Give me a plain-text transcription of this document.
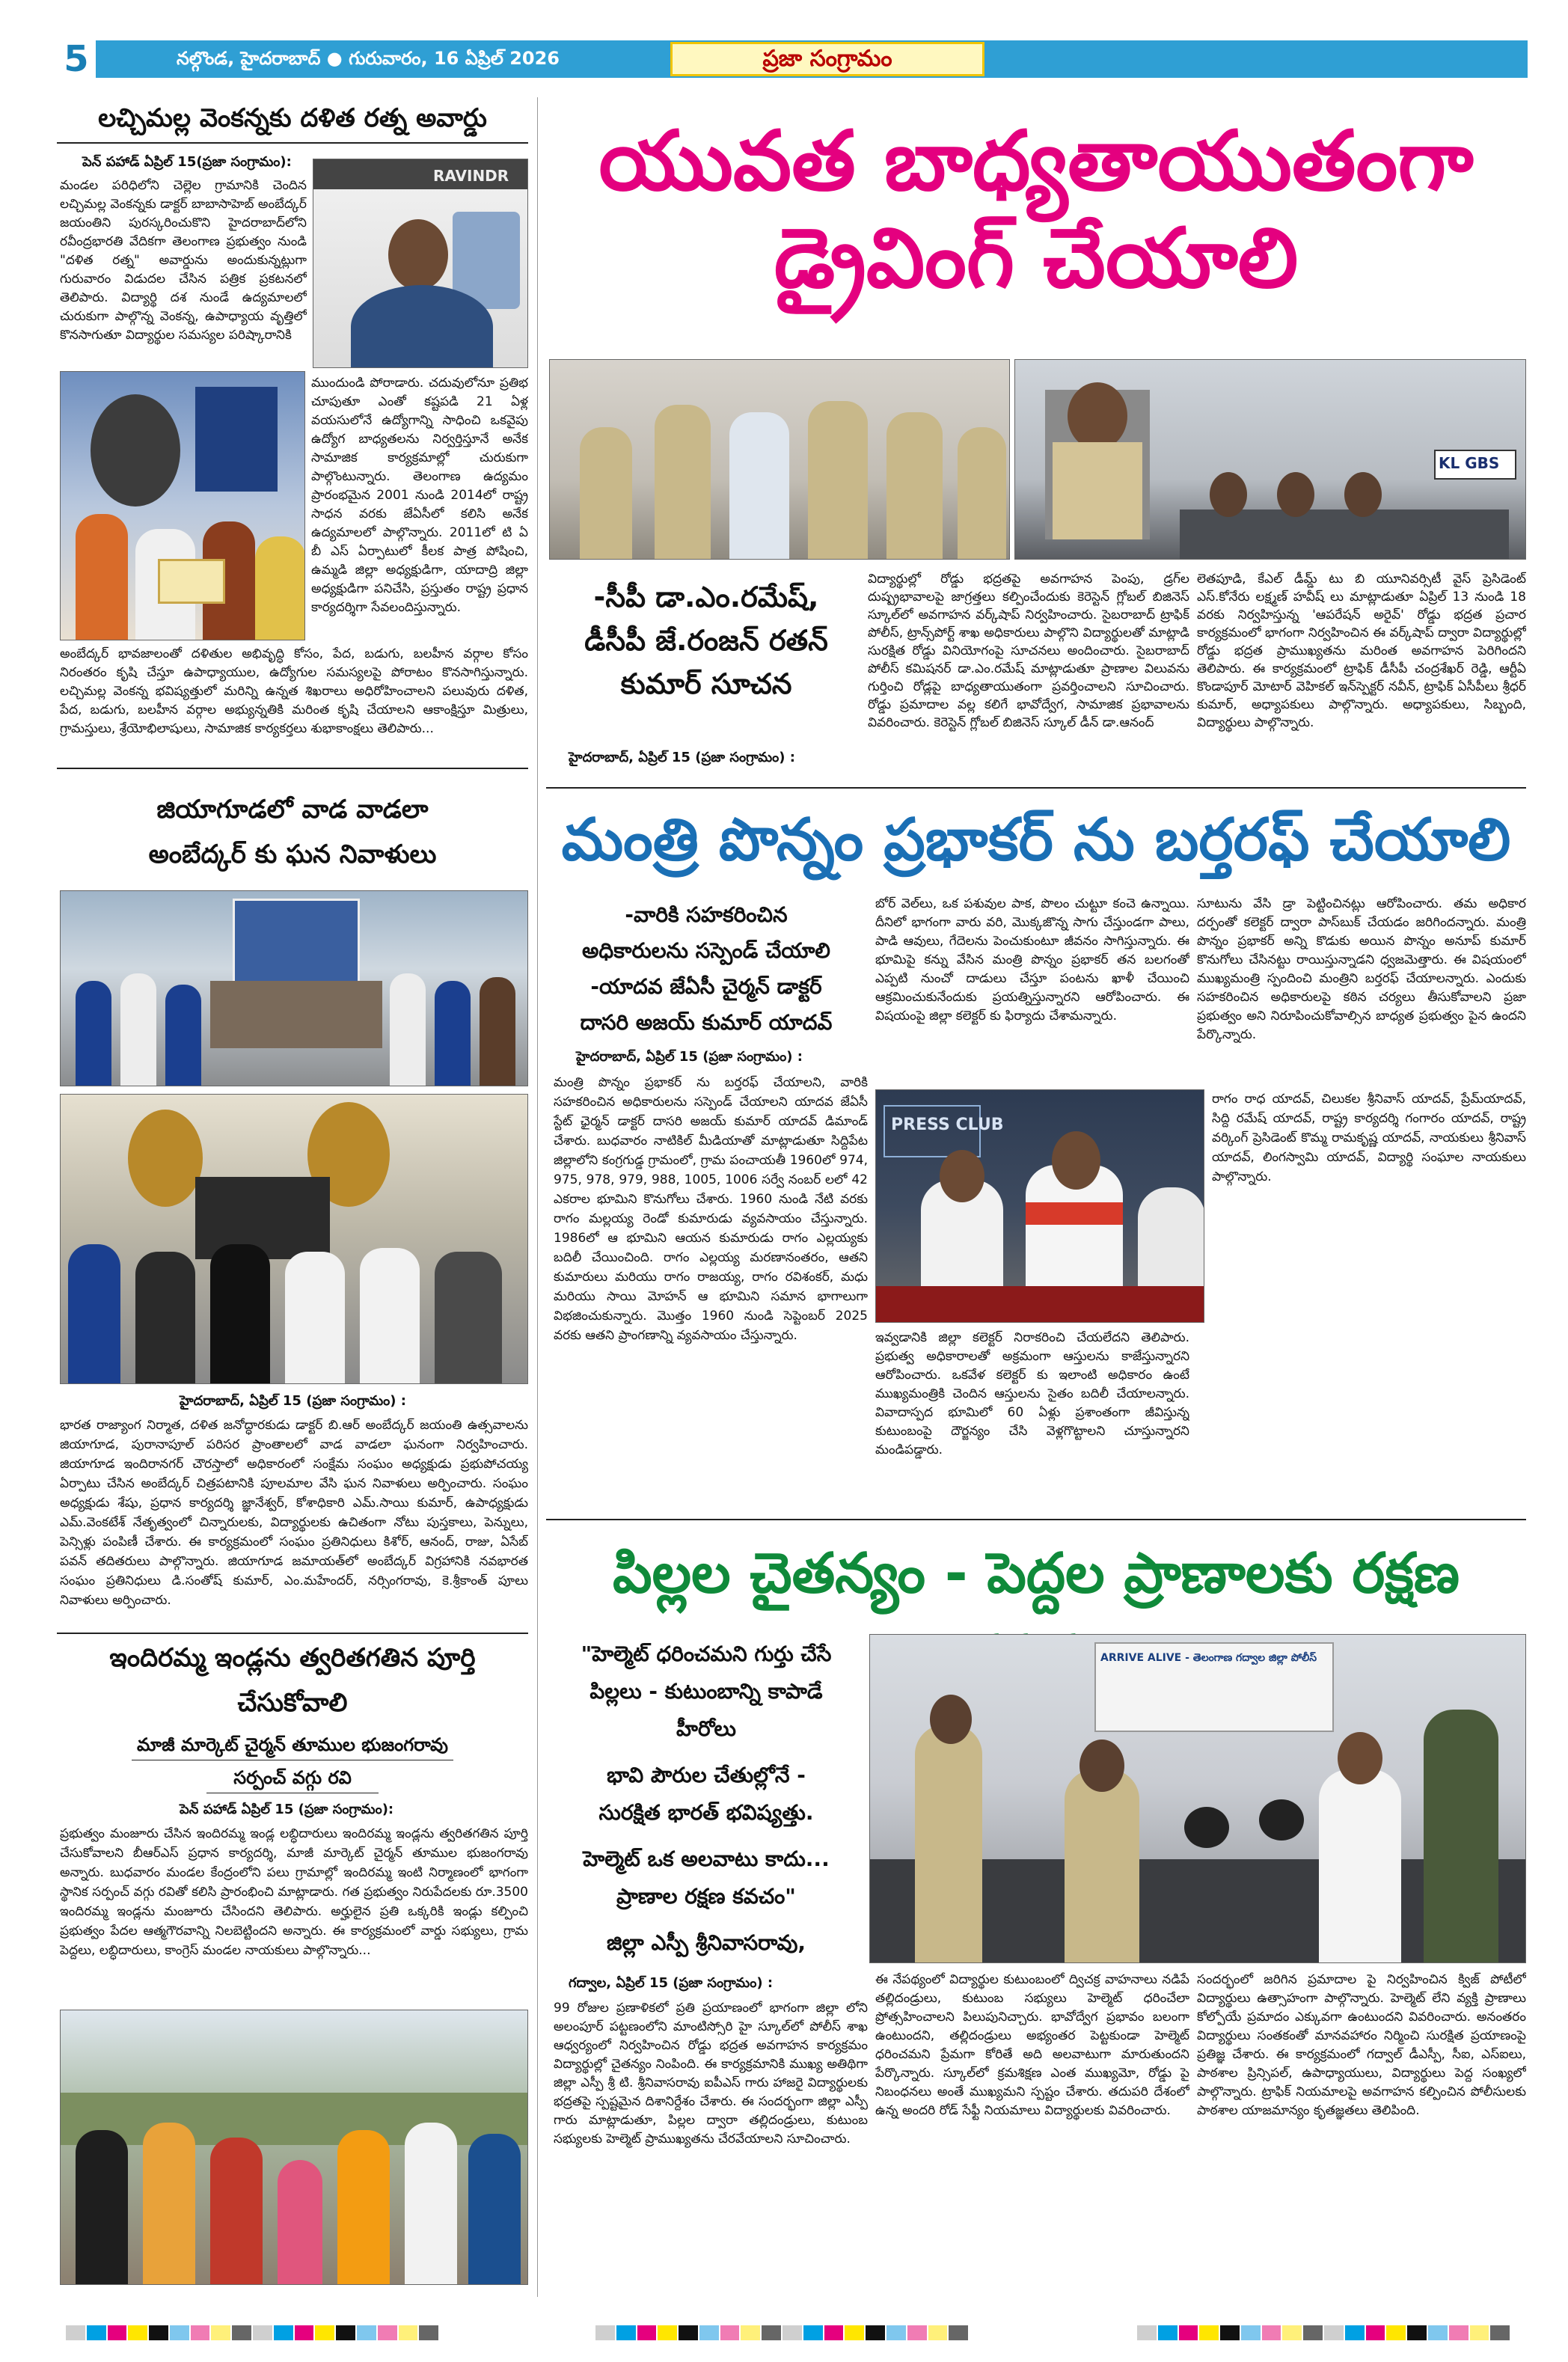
5	నల్గొండ, హైదరాబాద్ ● గురువారం, 16 ఏప్రిల్ 2026	ప్రజా సంగ్రామం
లచ్చిమల్ల వెంకన్నకు దళిత రత్న అవార్డు
పెన్ పహాడ్ ఏప్రిల్ 15(ప్రజా సంగ్రామం):
మండల పరిధిలోని చెల్లెల గ్రామానికి చెందిన లచ్చిమల్ల వెంకన్నకు డాక్టర్ బాబాసాహెబ్ అంబేద్కర్ జయంతిని పురస్కరించుకొని హైదరాబాద్‌లోని రవీంద్రభారతి వేదికగా తెలంగాణ ప్రభుత్వం నుండి "దళిత రత్న" అవార్డును అందుకున్నట్లుగా గురువారం విడుదల చేసిన పత్రిక ప్రకటనలో తెలిపారు. విద్యార్థి దశ నుండే ఉద్యమాలలో చురుకుగా పాల్గొన్న వెంకన్న, ఉపాధ్యాయ వృత్తిలో కొనసాగుతూ విద్యార్థుల సమస్యల పరిష్కారానికి
RAVINDR
ముందుండి పోరాడారు. చదువులోనూ ప్రతిభ చూపుతూ ఎంతో కష్టపడి 21 ఏళ్ల వయసులోనే ఉద్యోగాన్ని సాధించి ఒకవైపు ఉద్యోగ బాధ్యతలను నిర్వర్తిస్తూనే అనేక సామాజిక కార్యక్రమాల్లో చురుకుగా పాల్గొంటున్నారు. తెలంగాణ ఉద్యమం ప్రారంభమైన 2001 నుండి 2014లో రాష్ట్ర సాధన వరకు జేఏసీలో కలిసి అనేక ఉద్యమాలలో పాల్గొన్నారు. 2011లో టి ఏ బీ ఎస్ ఏర్పాటులో కీలక పాత్ర పోషించి, ఉమ్మడి జిల్లా అధ్యక్షుడిగా, యాదాద్రి జిల్లా అధ్యక్షుడిగా పనిచేసి, ప్రస్తుతం రాష్ట్ర ప్రధాన కార్యదర్శిగా సేవలందిస్తున్నారు.
అంబేద్కర్ భావజాలంతో దళితుల అభివృద్ధి కోసం, పేద, బడుగు, బలహీన వర్గాల కోసం నిరంతరం కృషి చేస్తూ ఉపాధ్యాయుల, ఉద్యోగుల సమస్యలపై పోరాటం కొనసాగిస్తున్నారు. లచ్చిమల్ల వెంకన్న భవిష్యత్తులో మరిన్ని ఉన్నత శిఖరాలు అధిరోహించాలని పలువురు దళిత, పేద, బడుగు, బలహీన వర్గాల అభ్యున్నతికి మరింత కృషి చేయాలని ఆకాంక్షిస్తూ మిత్రులు, గ్రామస్తులు, శ్రేయోభిలాషులు, సామాజిక కార్యకర్తలు శుభాకాంక్షలు తెలిపారు...
జియాగూడలో వాడ వాడలా
అంబేద్కర్ కు ఘన నివాళులు
హైదరాబాద్, ఏప్రిల్ 15 (ప్రజా సంగ్రామం) :
భారత రాజ్యాంగ నిర్మాత, దళిత జనోద్ధారకుడు డాక్టర్ బి.ఆర్ అంబేద్కర్ జయంతి ఉత్సవాలను జియాగూడ, పురానాపూల్ పరిసర ప్రాంతాలలో వాడ వాడలా ఘనంగా నిర్వహించారు. జియాగూడ ఇందిరానగర్ చౌరస్తాలో అధికారంలో సంక్షేమ సంఘం అధ్యక్షుడు ప్రభుపోచయ్య ఏర్పాటు చేసిన అంబేద్కర్ చిత్రపటానికి పూలమాల వేసి ఘన నివాళులు అర్పించారు. సంఘం అధ్యక్షుడు శేషు, ప్రధాన కార్యదర్శి జ్ఞానేశ్వర్, కోశాధికారి ఎమ్.సాయి కుమార్, ఉపాధ్యక్షుడు ఎమ్.వెంకటేశ్ నేతృత్వంలో చిన్నారులకు, విద్యార్థులకు ఉచితంగా నోటు పుస్తకాలు, పెన్నులు, పెన్సిళ్లు పంపిణీ చేశారు. ఈ కార్యక్రమంలో సంఘం ప్రతినిధులు కిశోర్, ఆనంద్, రాజు, ఏసేబ్ పవన్ తదితరులు పాల్గొన్నారు. జియాగూడ జమాయత్‌లో అంబేద్కర్ విగ్రహానికి నవభారత సంఘం ప్రతినిధులు డి.సంతోష్ కుమార్, ఎం.మహేందర్, నర్సింగరావు, కె.శ్రీకాంత్ పూలు నివాళులు అర్పించారు.
ఇందిరమ్మ ఇండ్లను త్వరితగతిన పూర్తి
చేసుకోవాలి
మాజీ మార్కెట్ చైర్మన్ తూముల భుజంగరావు
సర్పంచ్ వగ్గు రవి
పెన్ పహాడ్ ఏప్రిల్ 15 (ప్రజా సంగ్రామం):
ప్రభుత్వం మంజూరు చేసిన ఇందిరమ్మ ఇండ్ల లబ్ధిదారులు ఇందిరమ్మ ఇండ్లను త్వరితగతిన పూర్తి చేసుకోవాలని బీఆర్ఎస్ ప్రధాన కార్యదర్శి, మాజీ మార్కెట్ చైర్మన్ తూముల భుజంగరావు అన్నారు. బుధవారం మండల కేంద్రంలోని పలు గ్రామాల్లో ఇందిరమ్మ ఇంటి నిర్మాణంలో భాగంగా స్థానిక సర్పంచ్ వగ్గు రవితో కలిసి ప్రారంభించి మాట్లాడారు. గత ప్రభుత్వం నిరుపేదలకు రూ.3500 ఇందిరమ్మ ఇండ్లను మంజూరు చేసిందని తెలిపారు. అర్హులైన ప్రతి ఒక్కరికి ఇండ్లు కల్పించి ప్రభుత్వం పేదల ఆత్మగౌరవాన్ని నిలబెట్టిందని అన్నారు. ఈ కార్యక్రమంలో వార్డు సభ్యులు, గ్రామ పెద్దలు, లబ్ధిదారులు, కాంగ్రెస్ మండల నాయకులు పాల్గొన్నారు...
యువత బాధ్యతాయుతంగా
డ్రైవింగ్ చేయాలి
KL GBS
-సీపీ డా.ఎం.రమేష్,
డీసీపీ జే.రంజన్ రతన్
కుమార్ సూచన
హైదరాబాద్, ఏప్రిల్ 15 (ప్రజా సంగ్రామం) :
విద్యార్థుల్లో రోడ్డు భద్రతపై అవగాహన పెంపు, డ్రగ్‌ల దుష్ప్రభావాలపై జాగ్రత్తలు కల్పించేందుకు కెరెస్టెన్ గ్లోబల్ బిజినెస్ స్కూల్‌లో అవగాహన వర్క్‌షాప్ నిర్వహించారు. సైబరాబాద్ ట్రాఫిక్ పోలీస్, ట్రాన్స్‌పోర్ట్ శాఖ అధికారులు పాల్గొని విద్యార్థులతో మాట్లాడి సురక్షిత రోడ్డు వినియోగంపై సూచనలు అందించారు. సైబరాబాద్ పోలీస్ కమిషనర్ డా.ఎం.రమేష్ మాట్లాడుతూ ప్రాణాల విలువను గుర్తించి రోడ్లపై బాధ్యతాయుతంగా ప్రవర్తించాలని సూచించారు. రోడ్డు ప్రమాదాల వల్ల కలిగే భావోద్వేగ, సామాజిక ప్రభావాలను వివరించారు. కెరెస్టెన్ గ్లోబల్ బిజినెస్ స్కూల్ డీన్ డా.ఆనంద్
లెతపూడి, కేఎల్ డీమ్డ్ టు బి యూనివర్సిటీ వైస్ ప్రెసిడెంట్ ఎస్.కోనేరు లక్ష్మణ్ హవీష్ లు మాట్లాడుతూ ఏప్రిల్ 13 నుండి 18 వరకు నిర్వహిస్తున్న 'ఆపరేషన్ అరైవ్' రోడ్డు భద్రత ప్రచార కార్యక్రమంలో భాగంగా నిర్వహించిన ఈ వర్క్‌షాప్ ద్వారా విద్యార్థుల్లో రోడ్డు భద్రత ప్రాముఖ్యతను మరింత అవగాహన పెరిగిందని తెలిపారు. ఈ కార్యక్రమంలో ట్రాఫిక్ డీసీపీ చంద్రశేఖర్ రెడ్డి, ఆర్టీఏ కొండాపూర్ మోటార్ వెహికల్ ఇన్‌స్పెక్టర్ నవీన్, ట్రాఫిక్ ఏసీపీలు శ్రీధర్ కుమార్, అధ్యాపకులు పాల్గొన్నారు. అధ్యాపకులు, సిబ్బంది, విద్యార్థులు పాల్గొన్నారు.
మంత్రి పొన్నం ప్రభాకర్ ను బర్తరఫ్ చేయాలి
-వారికి సహకరించిన
అధికారులను సస్పెండ్ చేయాలి
-యాదవ జేఏసీ చైర్మన్ డాక్టర్
దాసరి అజయ్ కుమార్ యాదవ్
హైదరాబాద్, ఏప్రిల్ 15 (ప్రజా సంగ్రామం) :
మంత్రి పొన్నం ప్రభాకర్ ను బర్తరఫ్ చేయాలని, వారికి సహకరించిన అధికారులను సస్పెండ్ చేయాలని యాదవ జేఏసీ స్టేట్ ఛైర్మన్ డాక్టర్ దాసరి అజయ్ కుమార్ యాదవ్ డిమాండ్ చేశారు. బుధవారం నాటికిల్ మీడియాతో మాట్లాడుతూ సిద్దిపేట జిల్లాలోని కంగ్రగుడ్డ గ్రామంలో, గ్రామ పంచాయతీ 1960లో 974, 975, 978, 979, 988, 1005, 1006 సర్వే నంబర్ లలో 42 ఎకరాల భూమిని కొనుగోలు చేశారు. 1960 నుండి నేటి వరకు రాగం మల్లయ్య రెండో కుమారుడు వ్యవసాయం చేస్తున్నారు. 1986లో ఆ భూమిని ఆయన కుమారుడు రాగం ఎల్లయ్యకు బదిలీ చేయించింది. రాగం ఎల్లయ్య మరణానంతరం, ఆతని కుమారులు మరియు రాగం రాజయ్య, రాగం రవిశంకర్, మధు మరియు సాయి మోహన్ ఆ భూమిని సమాన భాగాలుగా విభజించుకున్నారు. మొత్తం 1960 నుండి సెప్టెంబర్ 2025 వరకు ఆతని ప్రాంగణాన్ని వ్యవసాయం చేస్తున్నారు.
బోర్ వెల్‌లు, ఒక పశువుల పాక, పొలం చుట్టూ కంచె ఉన్నాయి. దీనిలో భాగంగా వారు వరి, మొక్కజొన్న సాగు చేస్తుండగా పాలు, పాడి ఆవులు, గేదెలను పెంచుకుంటూ జీవనం సాగిస్తున్నారు. ఈ భూమిపై కన్ను వేసిన మంత్రి పొన్నం ప్రభాకర్ తన బలగంతో ఎప్పటి నుంచో దాడులు చేస్తూ పంటను ఖాళీ చేయించి ఆక్రమించుకునేందుకు ప్రయత్నిస్తున్నారని ఆరోపించారు. ఈ విషయంపై జిల్లా కలెక్టర్ కు ఫిర్యాదు చేశామన్నారు.
సూటును వేసి డ్రా పెట్టించినట్లు ఆరోపించారు. తమ అధికార దర్పంతో కలెక్టర్ ద్వారా పాస్‌బుక్ చేయడం జరిగిందన్నారు. మంత్రి పొన్నం ప్రభాకర్ అన్ని కొడుకు అయిన పొన్నం అనూప్ కుమార్ కొనుగోలు చేసినట్టు రాయిస్తున్నాడని ధ్వజమెత్తారు. ఈ విషయంలో ముఖ్యమంత్రి స్పందించి మంత్రిని బర్తరఫ్ చేయాలన్నారు. ఎందుకు సహకరించిన అధికారులపై కఠిన చర్యలు తీసుకోవాలని ప్రజా ప్రభుత్వం అని నిరూపించుకోవాల్సిన బాధ్యత ప్రభుత్వం పైన ఉందని పేర్కొన్నారు.
PRESS CLUB
ఇవ్వడానికి జిల్లా కలెక్టర్ నిరాకరించి చేయలేదని తెలిపారు. ప్రభుత్వ అధికారాలతో అక్రమంగా ఆస్తులను కాజేస్తున్నారని ఆరోపించారు. ఒకవేళ కలెక్టర్ కు ఇలాంటి అధికారం ఉంటే ముఖ్యమంత్రికి చెందిన ఆస్తులను సైతం బదిలీ చేయాలన్నారు. వివాదాస్పద భూమిలో 60 ఏళ్లు ప్రశాంతంగా జీవిస్తున్న కుటుంబంపై దౌర్జన్యం చేసి వెళ్లగొట్టాలని చూస్తున్నారని మండిపడ్డారు.
రాగం రాధ యాదవ్, చిలుకల శ్రీనివాస్ యాదవ్, ప్రేమ్‌యాదవ్, సిద్ది రమేష్ యాదవ్, రాష్ట్ర కార్యదర్శి గంగారం యాదవ్, రాష్ట్ర వర్కింగ్ ప్రెసిడెంట్ కొమ్మ రామకృష్ణ యాదవ్, నాయకులు శ్రీనివాస్ యాదవ్, లింగస్వామి యాదవ్, విద్యార్థి సంఘాల నాయకులు పాల్గొన్నారు.
పిల్లల చైతన్యం - పెద్దల ప్రాణాలకు రక్షణ
"హెల్మెట్ ధరించమని గుర్తు చేసే
పిల్లలు - కుటుంబాన్ని కాపాడే
హీరోలు
భావి పౌరుల చేతుల్లోనే -
సురక్షిత భారత్ భవిష్యత్తు.
హెల్మెట్ ఒక అలవాటు కాదు...
ప్రాణాల రక్షణ కవచం"
జిల్లా ఎస్పీ శ్రీనివాసరావు,
గద్వాల, ఏప్రిల్ 15 (ప్రజా సంగ్రామం) :
ARRIVE ALIVE - తెలంగాణ గద్వాల జిల్లా పోలీస్
99 రోజుల ప్రణాళికలో ప్రతి ప్రయాణంలో భాగంగా జిల్లా లోని అలంపూర్ పట్టణంలోని మాంటిస్సోరి హై స్కూల్‌లో పోలీస్ శాఖ ఆధ్వర్యంలో నిర్వహించిన రోడ్డు భద్రత అవగాహన కార్యక్రమం విద్యార్థుల్లో చైతన్యం నింపింది. ఈ కార్యక్రమానికి ముఖ్య అతిథిగా జిల్లా ఎస్పీ శ్రీ టి. శ్రీనివాసరావు ఐపీఎస్ గారు హాజరై విద్యార్థులకు భద్రతపై స్పష్టమైన దిశానిర్దేశం చేశారు. ఈ సందర్భంగా జిల్లా ఎస్పీ గారు మాట్లాడుతూ, పిల్లల ద్వారా తల్లిదండ్రులు, కుటుంబ సభ్యులకు హెల్మెట్ ప్రాముఖ్యతను చేరవేయాలని సూచించారు.
ఈ నేపథ్యంలో విద్యార్థుల కుటుంబంలో ద్విచక్ర వాహనాలు నడిపే తల్లిదండ్రులు, కుటుంబ సభ్యులు హెల్మెట్ ధరించేలా ప్రోత్సహించాలని పిలుపునిచ్చారు. భావోద్వేగ ప్రభావం బలంగా ఉంటుందని, తల్లిదండ్రులు అభ్యంతర పెట్టకుండా హెల్మెట్ ధరించమని ప్రేమగా కోరితే అది అలవాటుగా మారుతుందని పేర్కొన్నారు. స్కూల్‌లో క్రమశిక్షణ ఎంత ముఖ్యమో, రోడ్డు పై నిబంధనలు అంతే ముఖ్యమని స్పష్టం చేశారు. తదుపరి దేశంలో ఉన్న అందరి రోడ్ సేఫ్టీ నియమాలు విద్యార్థులకు వివరించారు.
సందర్భంలో జరిగిన ప్రమాదాల పై నిర్వహించిన క్విజ్ పోటీలో విద్యార్థులు ఉత్సాహంగా పాల్గొన్నారు. హెల్మెట్ లేని వ్యక్తి ప్రాణాలు కోల్పోయే ప్రమాదం ఎక్కువగా ఉంటుందని వివరించారు. అనంతరం విద్యార్థులు సంతకంతో మానవహారం నిర్మించి సురక్షిత ప్రయాణంపై ప్రతిజ్ఞ చేశారు. ఈ కార్యక్రమంలో గద్వాల్ డీఎస్పీ, సీఐ, ఎస్ఐలు, పాఠశాల ప్రిన్సిపల్, ఉపాధ్యాయులు, విద్యార్థులు పెద్ద సంఖ్యలో పాల్గొన్నారు. ట్రాఫిక్ నియమాలపై అవగాహన కల్పించిన పోలీసులకు పాఠశాల యాజమాన్యం కృతజ్ఞతలు తెలిపింది.
